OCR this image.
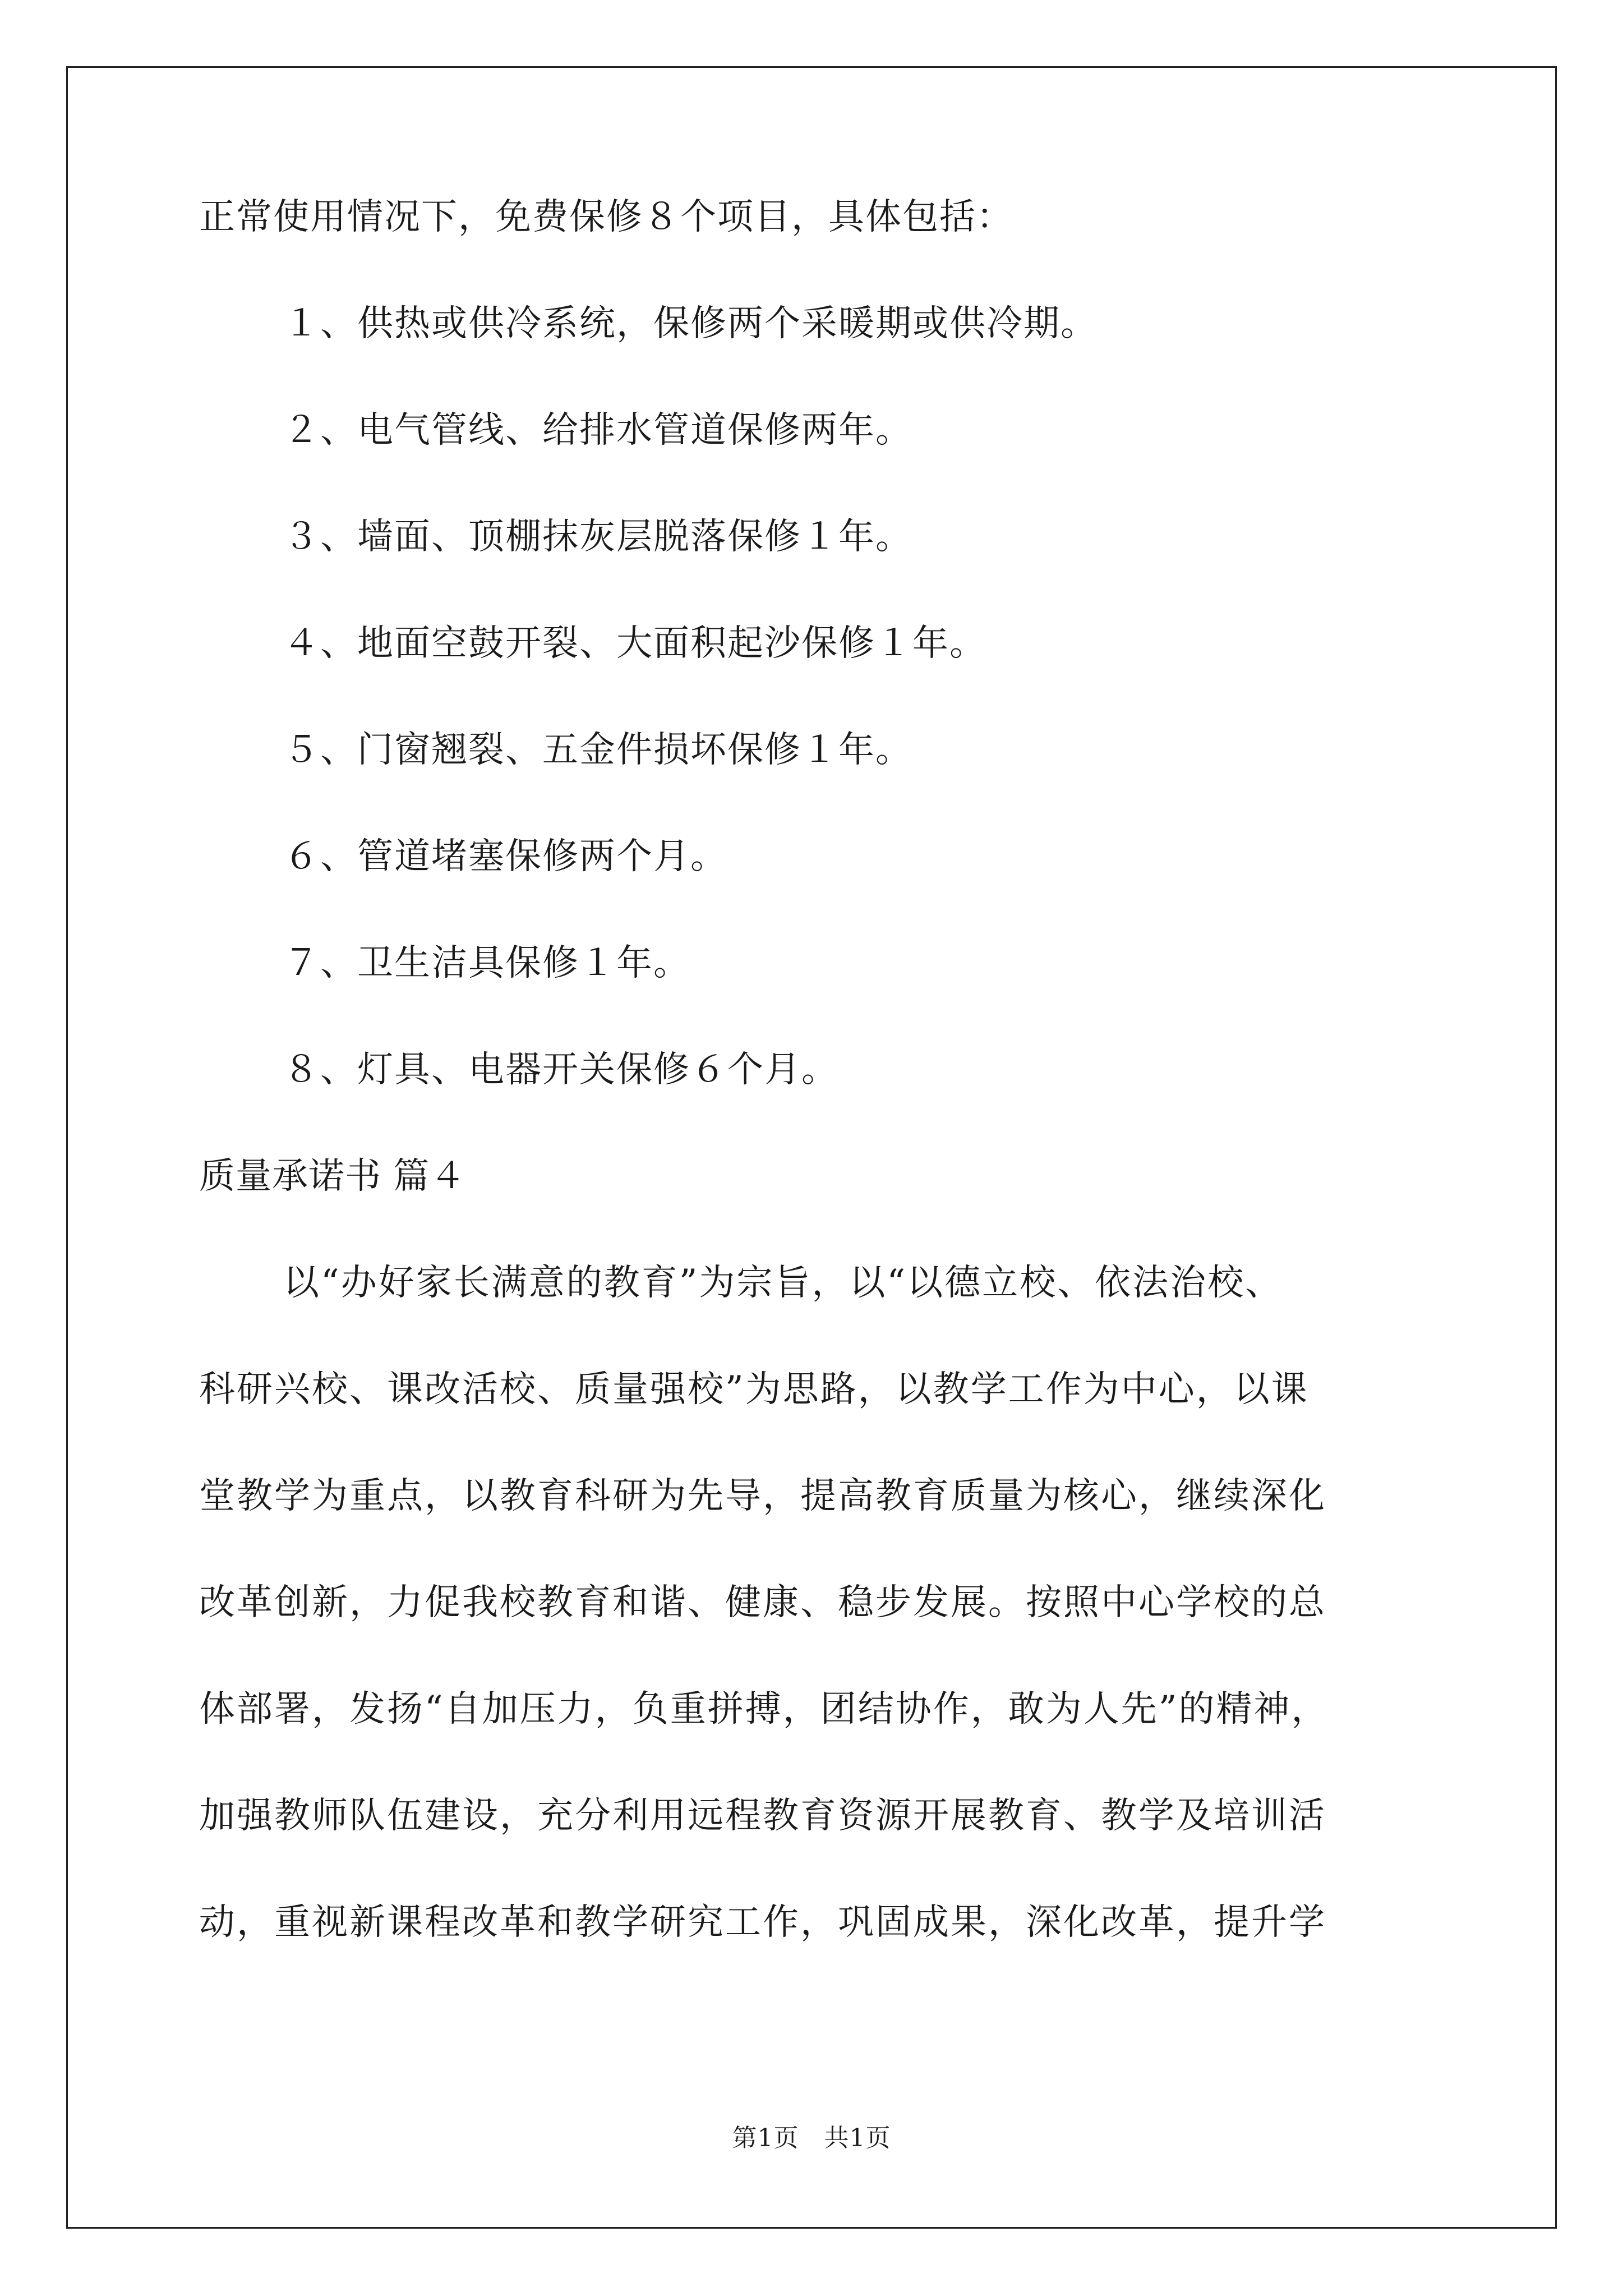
正常使用情况下，免费保修８个项目，具体包括：
１、供热或供冷系统，保修两个采暖期或供冷期。
２、电气管线、给排水管道保修两年。
３、墙面、顶棚抹灰层脱落保修１年。
４、地面空鼓开裂、大面积起沙保修１年。
５、门窗翘裂、五金件损坏保修１年。
６、管道堵塞保修两个月。
７、卫生洁具保修１年。
８、灯具、电器开关保修６个月。
质量承诺书 篇４
以“办好家长满意的教育”为宗旨，以“以德立校、依法治校、
科研兴校、课改活校、质量强校”为思路，以教学工作为中心，以课
堂教学为重点，以教育科研为先导，提高教育质量为核心，继续深化
改革创新，力促我校教育和谐、健康、稳步发展。按照中心学校的总
体部署，发扬“自加压力，负重拼搏，团结协作，敢为人先”的精神，
加强教师队伍建设，充分利用远程教育资源开展教育、教学及培训活
动，重视新课程改革和教学研究工作，巩固成果，深化改革，提升学
第1页　共1页
